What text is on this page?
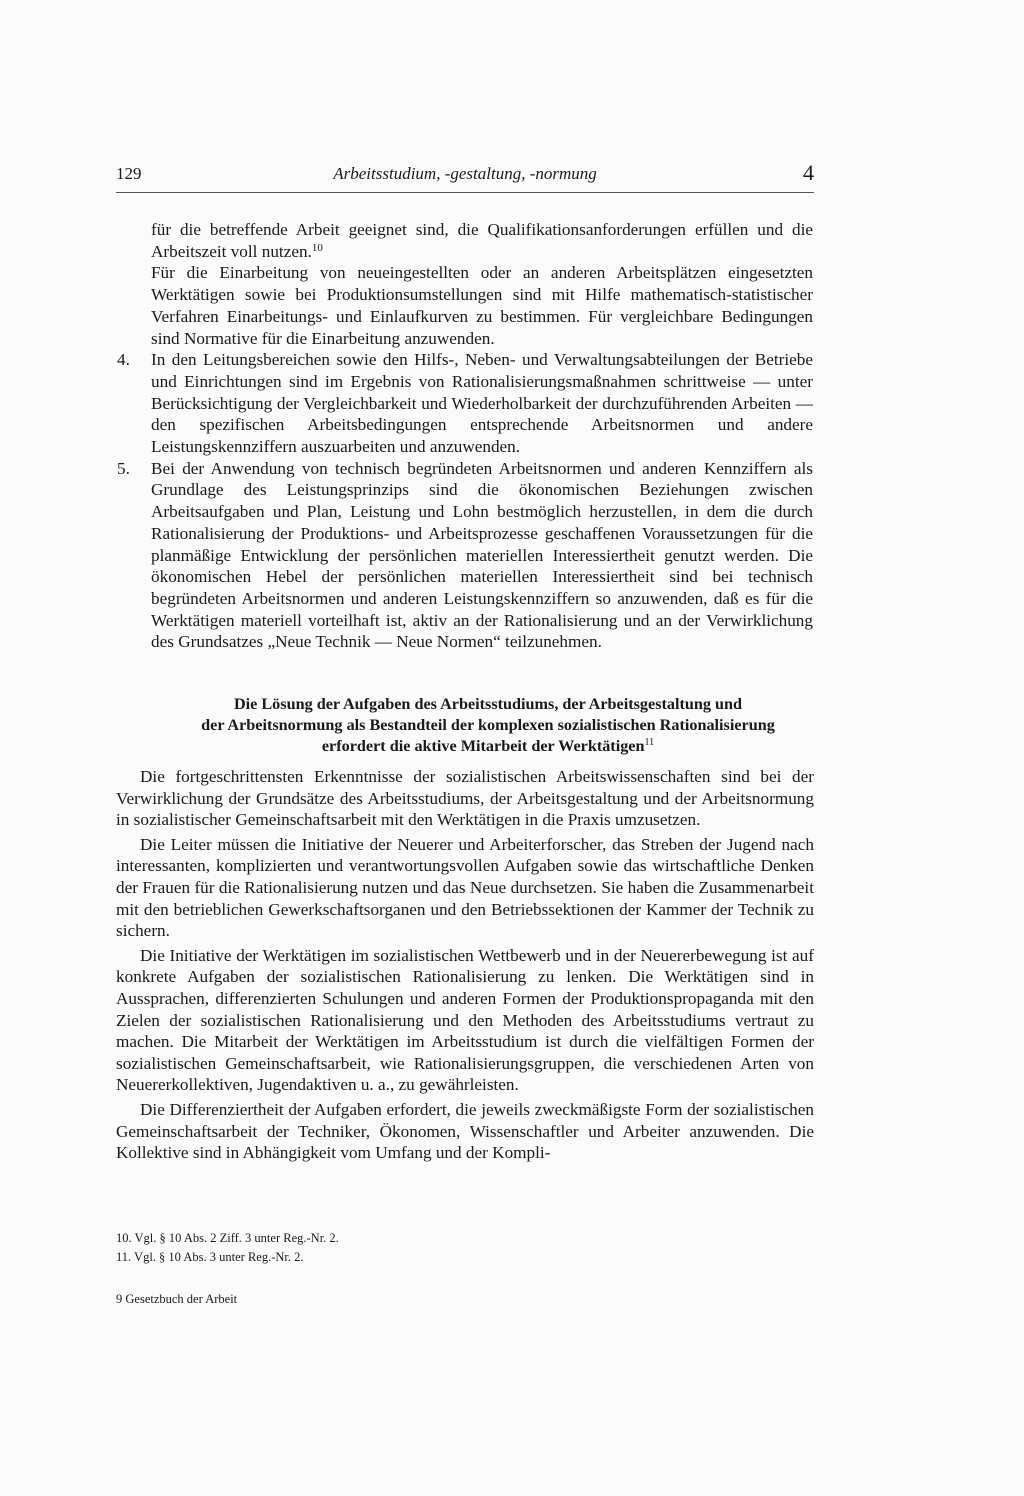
129	Arbeitsstudium, -gestaltung, -normung	4

für die betreffende Arbeit geeignet sind, die Qualifikationsanforderungen erfüllen und die Arbeitszeit voll nutzen.$^{10}$

Für die Einarbeitung von neueingestellten oder an anderen Arbeitsplätzen eingesetzten Werktätigen sowie bei Produktionsumstellungen sind mit Hilfe mathematisch-statistischer Verfahren Einarbeitungs- und Einlaufkurven zu bestimmen. Für vergleichbare Bedingungen sind Normative für die Einarbeitung anzuwenden.

4. In den Leitungsbereichen sowie den Hilfs-, Neben- und Verwaltungsabteilungen der Betriebe und Einrichtungen sind im Ergebnis von Rationalisierungsmaßnahmen schrittweise — unter Berücksichtigung der Vergleichbarkeit und Wiederholbarkeit der durchzuführenden Arbeiten — den spezifischen Arbeitsbedingungen entsprechende Arbeitsnormen und andere Leistungskennziffern auszuarbeiten und anzuwenden.

5. Bei der Anwendung von technisch begründeten Arbeitsnormen und anderen Kennziffern als Grundlage des Leistungsprinzips sind die ökonomischen Beziehungen zwischen Arbeitsaufgaben und Plan, Leistung und Lohn bestmöglich herzustellen, in dem die durch Rationalisierung der Produktions- und Arbeitsprozesse geschaffenen Voraussetzungen für die planmäßige Entwicklung der persönlichen materiellen Interessiertheit genutzt werden. Die ökonomischen Hebel der persönlichen materiellen Interessiertheit sind bei technisch begründeten Arbeitsnormen und anderen Leistungskennziffern so anzuwenden, daß es für die Werktätigen materiell vorteilhaft ist, aktiv an der Rationalisierung und an der Verwirklichung des Grundsatzes „Neue Technik — Neue Normen“ teilzunehmen.

Die Lösung der Aufgaben des Arbeitsstudiums, der Arbeitsgestaltung und
der Arbeitsnormung als Bestandteil der komplexen sozialistischen Rationalisierung
erfordert die aktive Mitarbeit der Werktätigen$^{11}$

Die fortgeschrittensten Erkenntnisse der sozialistischen Arbeitswissenschaften sind bei der Verwirklichung der Grundsätze des Arbeitsstudiums, der Arbeitsgestaltung und der Arbeitsnormung in sozialistischer Gemeinschaftsarbeit mit den Werktätigen in die Praxis umzusetzen.

Die Leiter müssen die Initiative der Neuerer und Arbeiterforscher, das Streben der Jugend nach interessanten, komplizierten und verantwortungsvollen Aufgaben sowie das wirtschaftliche Denken der Frauen für die Rationalisierung nutzen und das Neue durchsetzen. Sie haben die Zusammenarbeit mit den betrieblichen Gewerkschaftsorganen und den Betriebssektionen der Kammer der Technik zu sichern.

Die Initiative der Werktätigen im sozialistischen Wettbewerb und in der Neuererbewegung ist auf konkrete Aufgaben der sozialistischen Rationalisierung zu lenken. Die Werktätigen sind in Aussprachen, differenzierten Schulungen und anderen Formen der Produktionspropaganda mit den Zielen der sozialistischen Rationalisierung und den Methoden des Arbeitsstudiums vertraut zu machen. Die Mitarbeit der Werktätigen im Arbeitsstudium ist durch die vielfältigen Formen der sozialistischen Gemeinschaftsarbeit, wie Rationalisierungsgruppen, die verschiedenen Arten von Neuererkollektiven, Jugendaktiven u. a., zu gewährleisten.

Die Differenziertheit der Aufgaben erfordert, die jeweils zweckmäßigste Form der sozialistischen Gemeinschaftsarbeit der Techniker, Ökonomen, Wissenschaftler und Arbeiter anzuwenden. Die Kollektive sind in Abhängigkeit vom Umfang und der Kompli-

10. Vgl. § 10 Abs. 2 Ziff. 3 unter Reg.-Nr. 2.
11. Vgl. § 10 Abs. 3 unter Reg.-Nr. 2.
9 Gesetzbuch der Arbeit
